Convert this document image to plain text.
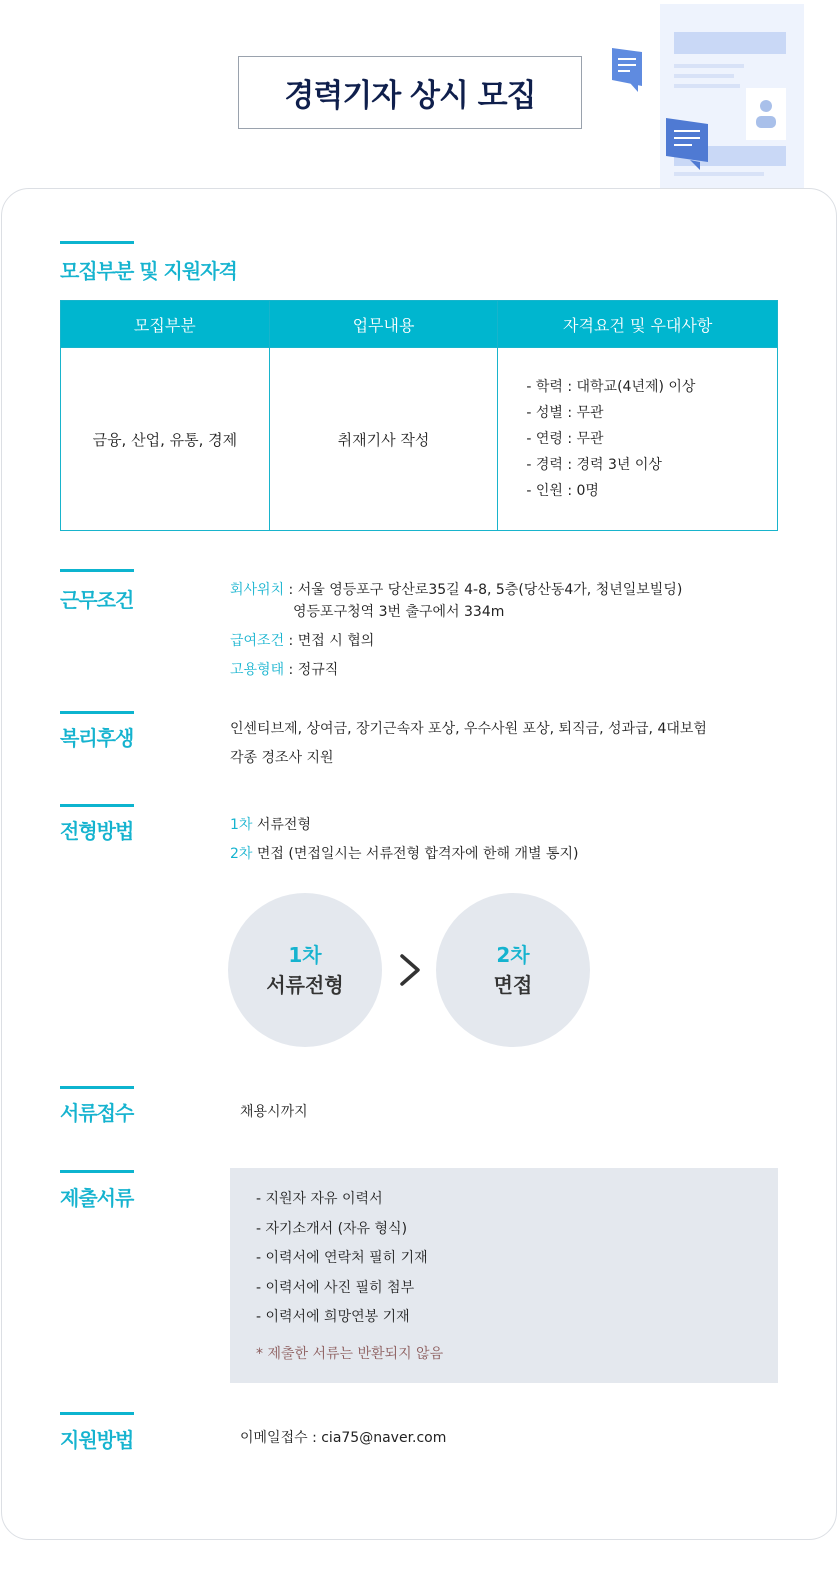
경력기자 상시 모집
모집부분 및 지원자격
모집부분	업무내용	자격요건 및 우대사항
금융, 산업, 유통, 경제	취재기사 작성	- 학력 : 대학교(4년제) 이상
- 성별 : 무관
- 연령 : 무관
- 경력 : 경력 3년 이상
- 인원 : 0명
근무조건	회사위치 : 서울 영등포구 당산로35길 4-8, 5층(당산동4가, 청년일보빌딩)
영등포구청역 3번 출구에서 334m
급여조건 : 면접 시 협의
고용형태 : 정규직
복리후생	인센티브제, 상여금, 장기근속자 포상, 우수사원 포상, 퇴직금, 성과급, 4대보험
각종 경조사 지원
전형방법	1차 서류전형
2차 면접 (면접일시는 서류전형 합격자에 한해 개별 통지)
1차
서류전형
2차
면접
서류접수	채용시까지
제출서류	- 지원자 자유 이력서
- 자기소개서 (자유 형식)
- 이력서에 연락처 필히 기재
- 이력서에 사진 필히 첨부
- 이력서에 희망연봉 기재
* 제출한 서류는 반환되지 않음
지원방법	이메일접수 : cia75@naver.com
